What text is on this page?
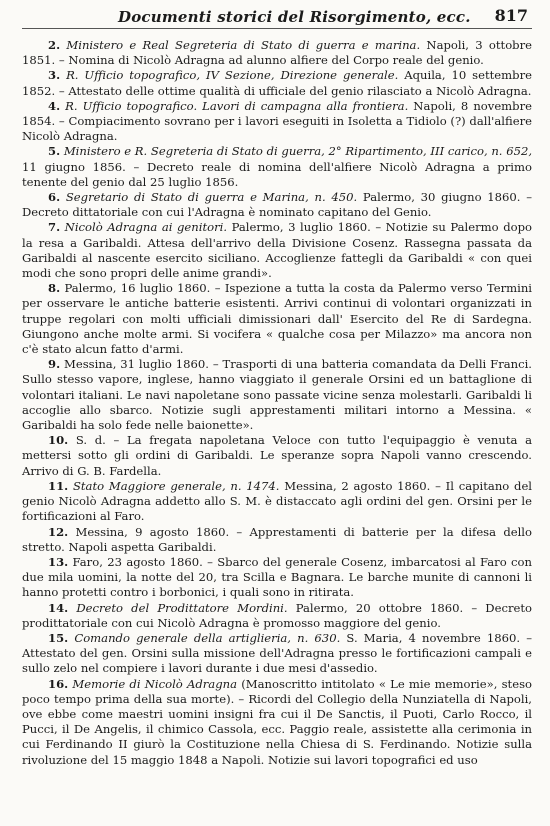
Documenti storici del Risorgimento, ecc. 817

2. Ministero e Real Segreteria di Stato di guerra e marina. Napoli, 3 ottobre 1851. – Nomina di Nicolò Adragna ad alunno alfiere del Corpo reale del genio.

3. R. Ufficio topografico, IV Sezione, Direzione generale. Aquila, 10 settembre 1852. – Attestato delle ottime qualità di ufficiale del genio rilasciato a Nicolò Adragna.

4. R. Ufficio topografico. Lavori di campagna alla frontiera. Napoli, 8 novembre 1854. – Compiacimento sovrano per i lavori eseguiti in Isoletta a Tidiolo (?) dall'alfiere Nicolò Adragna.

5. Ministero e R. Segreteria di Stato di guerra, 2° Ripartimento, III carico, n. 652, 11 giugno 1856. – Decreto reale di nomina dell'alfiere Nicolò Adragna a primo tenente del genio dal 25 luglio 1856.

6. Segretario di Stato di guerra e Marina, n. 450. Palermo, 30 giugno 1860. – Decreto dittatoriale con cui l'Adragna è nominato capitano del Genio.

7. Nicolò Adragna ai genitori. Palermo, 3 luglio 1860. – Notizie su Palermo dopo la resa a Garibaldi. Attesa dell'arrivo della Divisione Cosenz. Rassegna passata da Garibaldi al nascente esercito siciliano. Accoglienze fattegli da Garibaldi « con quei modi che sono propri delle anime grandi».

8. Palermo, 16 luglio 1860. – Ispezione a tutta la costa da Palermo verso Termini per osservare le antiche batterie esistenti. Arrivi continui di volontari organizzati in truppe regolari con molti ufficiali dimissionari dall' Esercito del Re di Sardegna. Giungono anche molte armi. Si vocifera « qualche cosa per Milazzo» ma ancora non c'è stato alcun fatto d'armi.

9. Messina, 31 luglio 1860. – Trasporti di una batteria comandata da Delli Franci. Sullo stesso vapore, inglese, hanno viaggiato il generale Orsini ed un battaglione di volontari italiani. Le navi napoletane sono passate vicine senza molestarli. Garibaldi li accoglie allo sbarco. Notizie sugli apprestamenti militari intorno a Messina. « Garibaldi ha solo fede nelle baionette».

10. S. d. – La fregata napoletana Veloce con tutto l'equipaggio è venuta a mettersi sotto gli ordini di Garibaldi. Le speranze sopra Napoli vanno crescendo. Arrivo di G. B. Fardella.

11. Stato Maggiore generale, n. 1474. Messina, 2 agosto 1860. – Il capitano del genio Nicolò Adragna addetto allo S. M. è distaccato agli ordini del gen. Orsini per le fortificazioni al Faro.

12. Messina, 9 agosto 1860. – Apprestamenti di batterie per la difesa dello stretto. Napoli aspetta Garibaldi.

13. Faro, 23 agosto 1860. – Sbarco del generale Cosenz, imbarcatosi al Faro con due mila uomini, la notte del 20, tra Scilla e Bagnara. Le barche munite di cannoni li hanno protetti contro i borbonici, i quali sono in ritirata.

14. Decreto del Prodittatore Mordini. Palermo, 20 ottobre 1860. – Decreto prodittatoriale con cui Nicolò Adragna è promosso maggiore del genio.

15. Comando generale della artiglieria, n. 630. S. Maria, 4 novembre 1860. – Attestato del gen. Orsini sulla missione dell'Adragna presso le fortificazioni campali e sullo zelo nel compiere i lavori durante i due mesi d'assedio.

16. Memorie di Nicolò Adragna (Manoscritto intitolato « Le mie memorie», steso poco tempo prima della sua morte). – Ricordi del Collegio della Nunziatella di Napoli, ove ebbe come maestri uomini insigni fra cui il De Sanctis, il Puoti, Carlo Rocco, il Pucci, il De Angelis, il chimico Cassola, ecc. Paggio reale, assistette alla cerimonia in cui Ferdinando II giurò la Costituzione nella Chiesa di S. Ferdinando. Notizie sulla rivoluzione del 15 maggio 1848 a Napoli. Notizie sui lavori topografici ed uso
